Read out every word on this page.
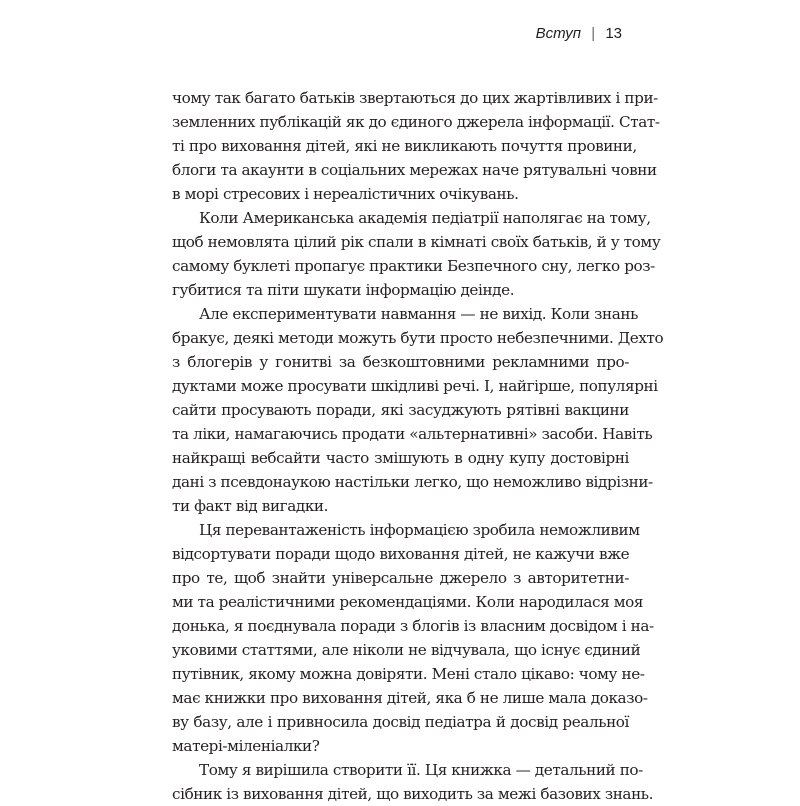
Вступ | 13
чому так багато батьків звертаються до цих жартівливих і при-
земленних публікацій як до єдиного джерела інформації. Стат-
ті про виховання дітей, які не викликають почуття провини,
блоги та акаунти в соціальних мережах наче рятувальні човни
в морі стресових і нереалістичних очікувань.
Коли Американська академія педіатрії наполягає на тому,
щоб немовлята цілий рік спали в кімнаті своїх батьків, й у тому
самому буклеті пропагує практики Безпечного сну, легко роз-
губитися та піти шукати інформацію деінде.
Але експериментувати навмання — не вихід. Коли знань
бракує, деякі методи можуть бути просто небезпечними. Дехто
з блогерів у гонитві за безкоштовними рекламними про-
дуктами може просувати шкідливі речі. І, найгірше, популярні
сайти просувають поради, які засуджують рятівні вакцини
та ліки, намагаючись продати «альтернативні» засоби. Навіть
найкращі вебсайти часто змішують в одну купу достовірні
дані з псевдонаукою настільки легко, що неможливо відрізни-
ти факт від вигадки.
Ця перевантаженість інформацією зробила неможливим
відсортувати поради щодо виховання дітей, не кажучи вже
про те, щоб знайти універсальне джерело з авторитетни-
ми та реалістичними рекомендаціями. Коли народилася моя
донька, я поєднувала поради з блогів із власним досвідом і на-
уковими статтями, але ніколи не відчувала, що існує єдиний
путівник, якому можна довіряти. Мені стало цікаво: чому не-
має книжки про виховання дітей, яка б не лише мала доказо-
ву базу, але і привносила досвід педіатра й досвід реальної
матері-міленіалки?
Тому я вирішила створити її. Ця книжка — детальний по-
сібник із виховання дітей, що виходить за межі базових знань.
